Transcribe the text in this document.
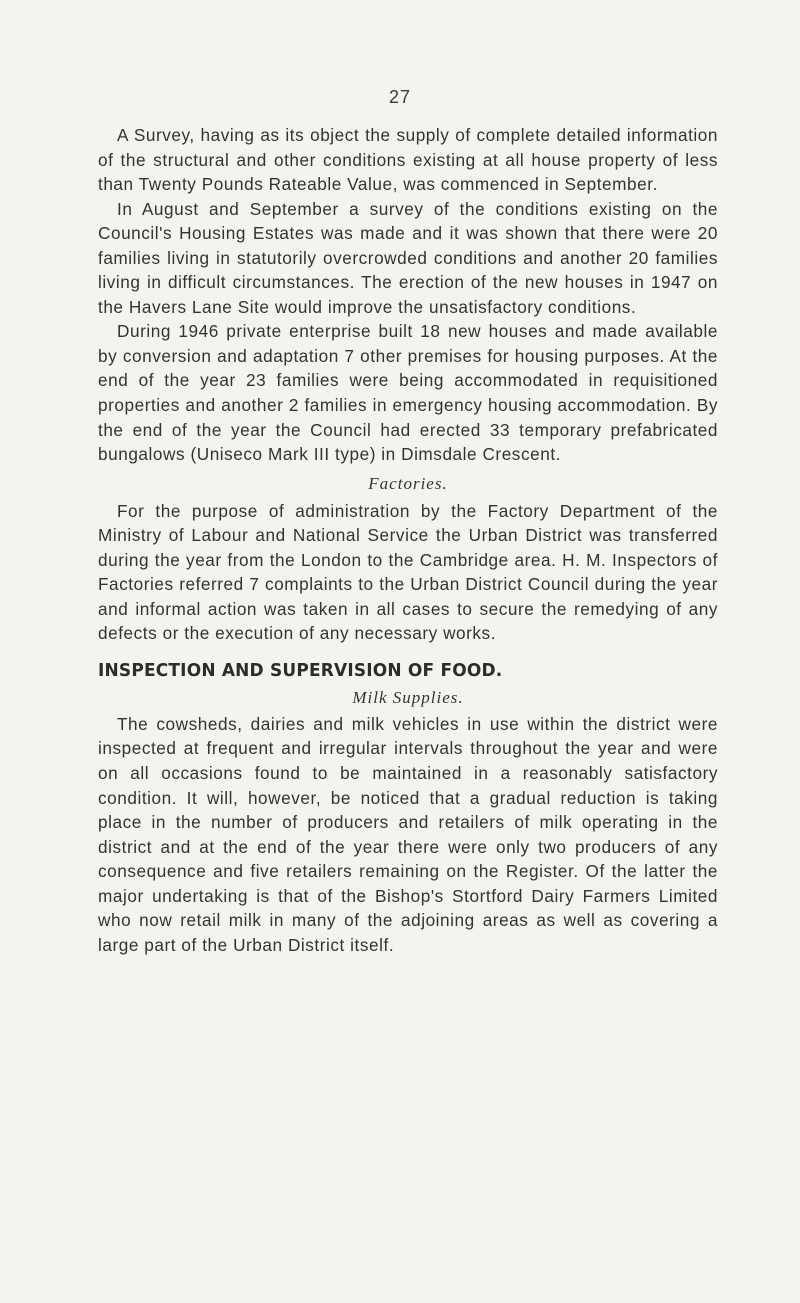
27

A Survey, having as its object the supply of complete detailed information of the structural and other conditions existing at all house property of less than Twenty Pounds Rateable Value, was commenced in September.

In August and September a survey of the conditions existing on the Council's Housing Estates was made and it was shown that there were 20 families living in statutorily overcrowded conditions and another 20 families living in difficult circumstances. The erection of the new houses in 1947 on the Havers Lane Site would improve the unsatisfactory conditions.

During 1946 private enterprise built 18 new houses and made available by conversion and adaptation 7 other premises for housing purposes. At the end of the year 23 families were being accommodated in requisitioned properties and another 2 families in emergency housing accommodation. By the end of the year the Council had erected 33 temporary prefabricated bungalows (Uniseco Mark III type) in Dimsdale Crescent.

Factories.

For the purpose of administration by the Factory Department of the Ministry of Labour and National Service the Urban District was transferred during the year from the London to the Cambridge area. H. M. Inspectors of Factories referred 7 complaints to the Urban District Council during the year and informal action was taken in all cases to secure the remedying of any defects or the execution of any necessary works.

INSPECTION AND SUPERVISION OF FOOD.
Milk Supplies.

The cowsheds, dairies and milk vehicles in use within the district were inspected at frequent and irregular intervals throughout the year and were on all occasions found to be maintained in a reasonably satisfactory condition. It will, however, be noticed that a gradual reduction is taking place in the number of producers and retailers of milk operating in the district and at the end of the year there were only two producers of any consequence and five retailers remaining on the Register. Of the latter the major undertaking is that of the Bishop's Stortford Dairy Farmers Limited who now retail milk in many of the adjoining areas as well as covering a large part of the Urban District itself.
